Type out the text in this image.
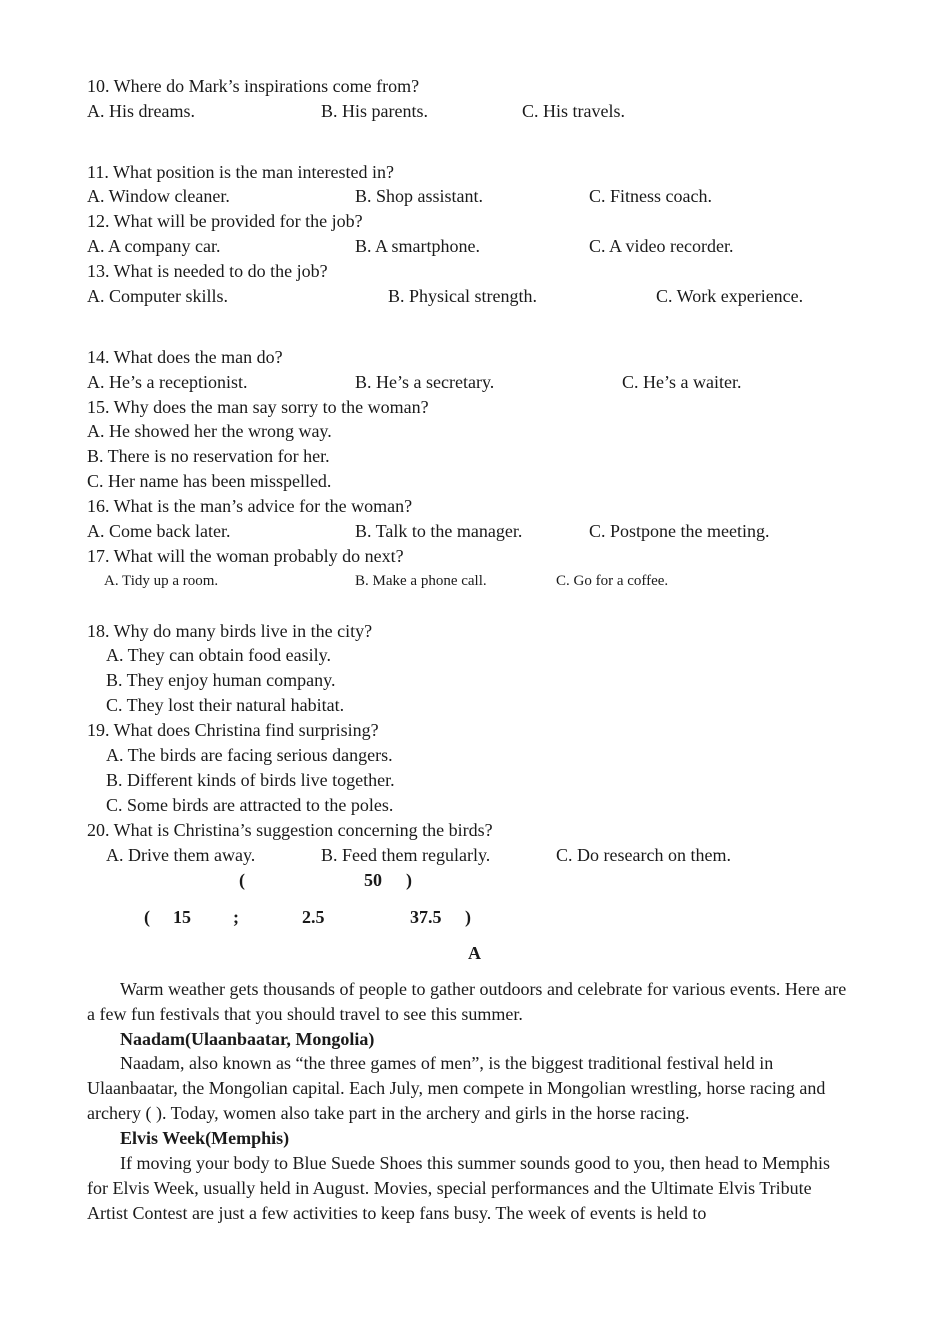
10. Where do Mark’s inspirations come from?
A. His dreams.	B. His parents.	C. His travels.
11. What position is the man interested in?
A. Window cleaner.	B. Shop assistant.	C. Fitness coach.
12. What will be provided for the job?
A. A company car.	B. A smartphone.	C. A video recorder.
13. What is needed to do the job?
A. Computer skills.	B. Physical strength.	C. Work experience.
14. What does the man do?
A. He’s a receptionist.	B. He’s a secretary.	C. He’s a waiter.
15. Why does the man say sorry to the woman?
A. He showed her the wrong way.
B. There is no reservation for her.
C. Her name has been misspelled.
16. What is the man’s advice for the woman?
A. Come back later.	B. Talk to the manager.	C. Postpone the meeting.
17. What will the woman probably do next?
A. Tidy up a room.	B. Make a phone call.	C. Go for a coffee.
18. Why do many birds live in the city?
A. They can obtain food easily.
B. They enjoy human company.
C. They lost their natural habitat.
19. What does Christina find surprising?
A. The birds are facing serious dangers.
B. Different kinds of birds live together.
C. Some birds are attracted to the poles.
20. What is Christina’s suggestion concerning the birds?
A. Drive them away.	B. Feed them regularly.	C. Do research on them.
(	50 )
( 15 ;	2.5	37.5 )
A
Warm weather gets thousands of people to gather outdoors and celebrate for various events. Here are a few fun festivals that you should travel to see this summer.
Naadam(Ulaanbaatar, Mongolia)
Naadam, also known as “the three games of men”, is the biggest traditional festival held in Ulaanbaatar, the Mongolian capital. Each July, men compete in Mongolian wrestling, horse racing and archery ( ). Today, women also take part in the archery and girls in the horse racing.
Elvis Week(Memphis)
If moving your body to Blue Suede Shoes this summer sounds good to you, then head to Memphis for Elvis Week, usually held in August. Movies, special performances and the Ultimate Elvis Tribute Artist Contest are just a few activities to keep fans busy. The week of events is held to
